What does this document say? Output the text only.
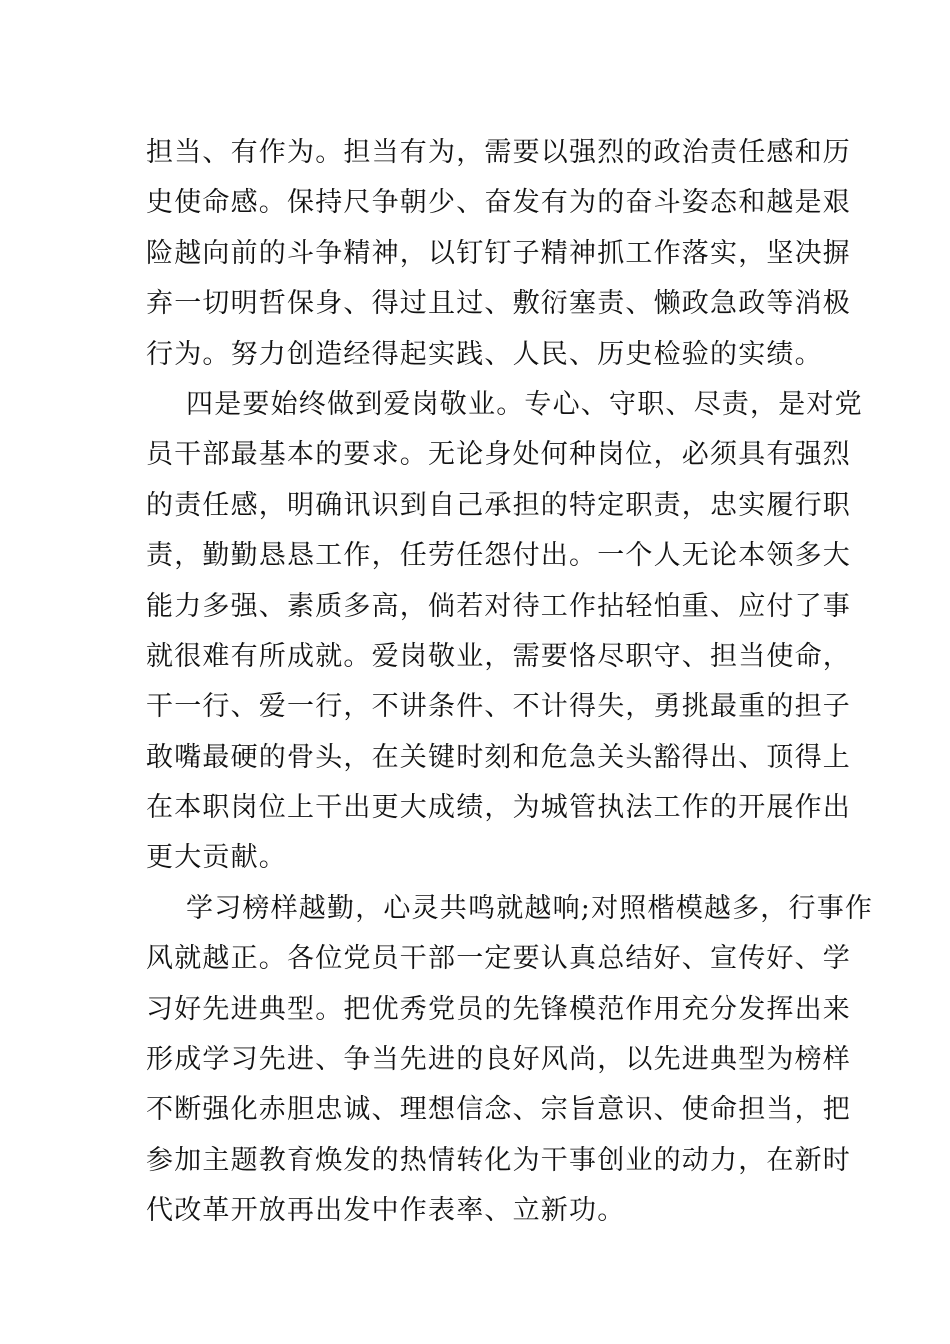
担当、有作为。担当有为，需要以强烈的政治责任感和历
史使命感。保持尺争朝少、奋发有为的奋斗姿态和越是艰
险越向前的斗争精神，以钉钉子精神抓工作落实，坚决摒
弃一切明哲保身、得过且过、敷衍塞责、懒政急政等消极
行为。努力创造经得起实践、人民、历史检验的实绩。
四是要始终做到爱岗敬业。专心、守职、尽责，是对党
员干部最基本的要求。无论身处何种岗位，必须具有强烈
的责任感，明确讯识到自己承担的特定职责，忠实履行职
责，勤勤恳恳工作，任劳任怨付出。一个人无论本领多大
能力多强、素质多高，倘若对待工作拈轻怕重、应付了事
就很难有所成就。爱岗敬业，需要恪尽职守、担当使命，
干一行、爱一行，不讲条件、不计得失，勇挑最重的担子
敢嘴最硬的骨头，在关键时刻和危急关头豁得出、顶得上
在本职岗位上干出更大成绩，为城管执法工作的开展作出
更大贡献。
学习榜样越勤，心灵共鸣就越响;对照楷模越多，行事作
风就越正。各位党员干部一定要认真总结好、宣传好、学
习好先进典型。把优秀党员的先锋模范作用充分发挥出来
形成学习先进、争当先进的良好风尚，以先进典型为榜样
不断强化赤胆忠诚、理想信念、宗旨意识、使命担当，把
参加主题教育焕发的热情转化为干事创业的动力，在新时
代改革开放再出发中作表率、立新功。
